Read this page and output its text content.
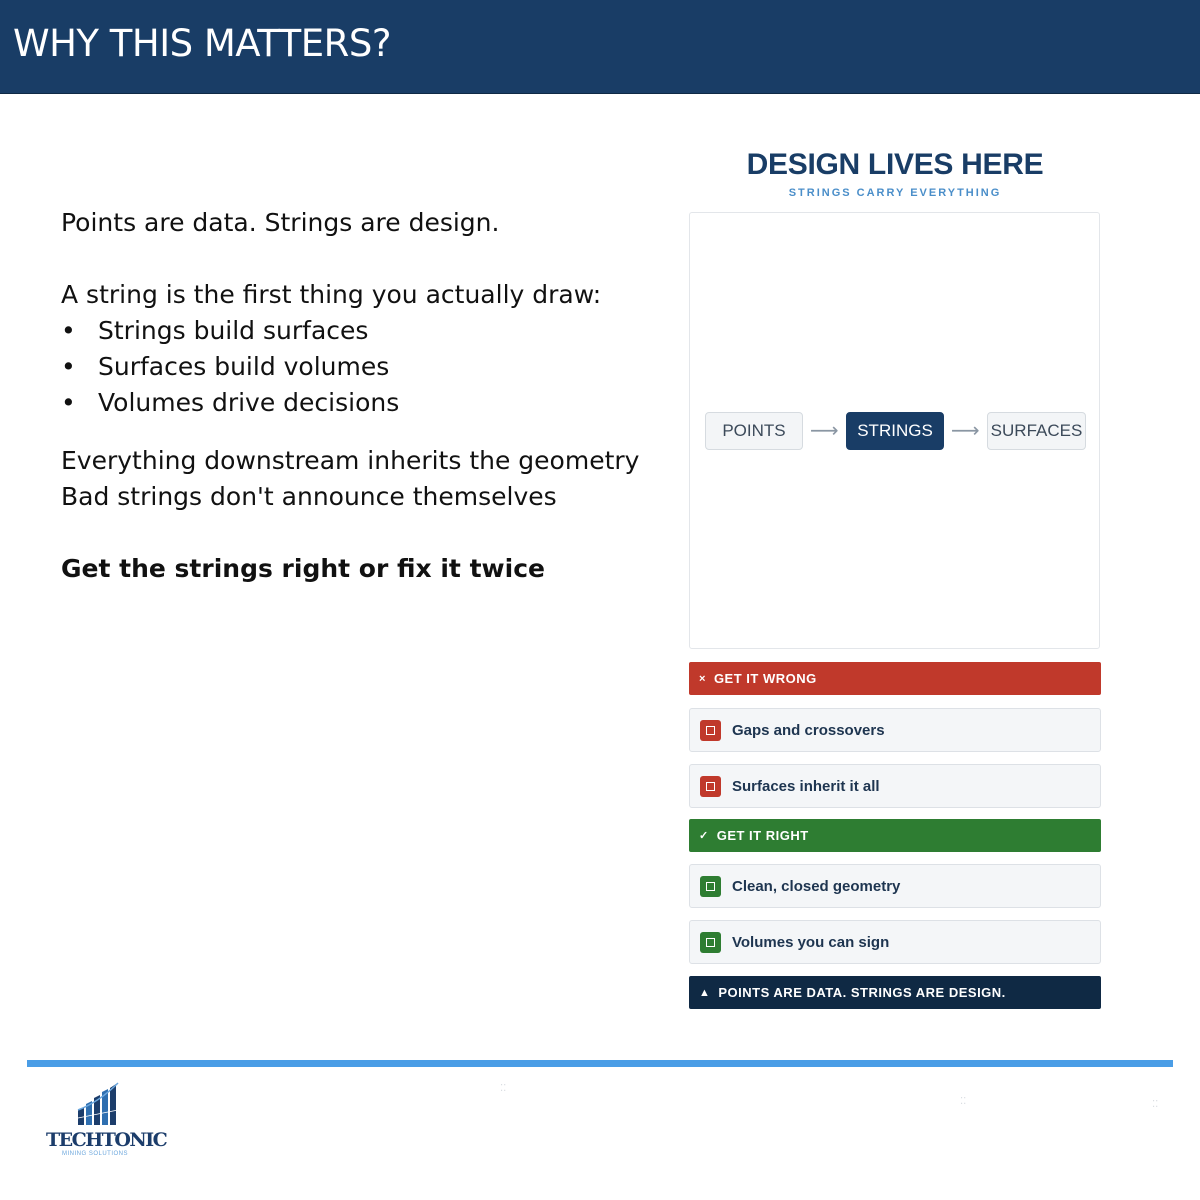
WHY THIS MATTERS?

Points are data. Strings are design.

A string is the first thing you actually draw:

• Strings build surfaces
• Surfaces build volumes
• Volumes drive decisions

Everything downstream inherits the geometry

Bad strings don't announce themselves

Get the strings right or fix it twice

DESIGN LIVES HERE
STRINGS CARRY EVERYTHING
POINTS	⟶	STRINGS ⟶ SURFACES
× GET IT WRONG
Gaps and crossovers
Surfaces inherit it all
✓ GET IT RIGHT
Clean, closed geometry
Volumes you can sign
▲ POINTS ARE DATA. STRINGS ARE DESIGN.
TECHTONIC
MINING SOLUTIONS
⁚⁚
⁚⁚	⁚⁚
